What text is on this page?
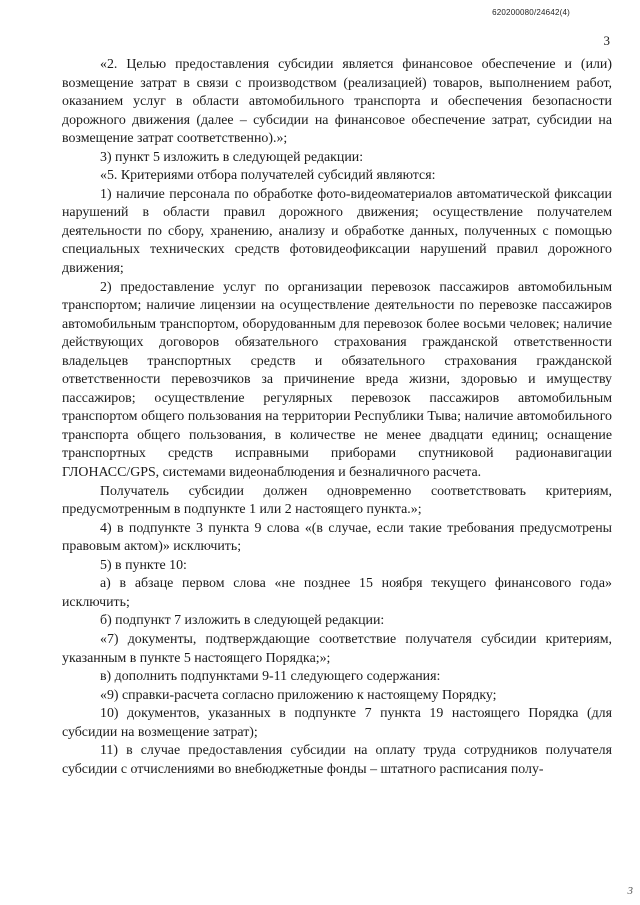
620200080/24642(4)
3

«2. Целью предоставления субсидии является финансовое обеспечение и (или) возмещение затрат в связи с производством (реализацией) товаров, выполнением работ, оказанием услуг в области автомобильного транспорта и обеспечения безопасности дорожного движения (далее – субсидии на финансовое обеспечение затрат, субсидии на возмещение затрат соответственно).»;

3) пункт 5 изложить в следующей редакции:

«5. Критериями отбора получателей субсидий являются:

1) наличие персонала по обработке фото-видеоматериалов автоматической фиксации нарушений в области правил дорожного движения; осуществление получателем деятельности по сбору, хранению, анализу и обработке данных, полученных с помощью специальных технических средств фотовидеофиксации нарушений правил дорожного движения;

2) предоставление услуг по организации перевозок пассажиров автомобильным транспортом; наличие лицензии на осуществление деятельности по перевозке пассажиров автомобильным транспортом, оборудованным для перевозок более восьми человек; наличие действующих договоров обязательного страхования гражданской ответственности владельцев транспортных средств и обязательного страхования гражданской ответственности перевозчиков за причинение вреда жизни, здоровью и имуществу пассажиров; осуществление регулярных перевозок пассажиров автомобильным транспортом общего пользования на территории Республики Тыва; наличие автомобильного транспорта общего пользования, в количестве не менее двадцати единиц; оснащение транспортных средств исправными приборами спутниковой радионавигации ГЛОНАСС/GPS, системами видеонаблюдения и безналичного расчета.

Получатель субсидии должен одновременно соответствовать критериям, предусмотренным в подпункте 1 или 2 настоящего пункта.»;

4) в подпункте 3 пункта 9 слова «(в случае, если такие требования предусмотрены правовым актом)» исключить;

5) в пункте 10:

а) в абзаце первом слова «не позднее 15 ноября текущего финансового года» исключить;

б) подпункт 7 изложить в следующей редакции:

«7) документы, подтверждающие соответствие получателя субсидии критериям, указанным в пункте 5 настоящего Порядка;»;

в) дополнить подпунктами 9-11 следующего содержания:

«9) справки-расчета согласно приложению к настоящему Порядку;

10) документов, указанных в подпункте 7 пункта 19 настоящего Порядка (для субсидии на возмещение затрат);

11) в случае предоставления субсидии на оплату труда сотрудников получателя субсидии с отчислениями во внебюджетные фонды – штатного расписания полу-

3
